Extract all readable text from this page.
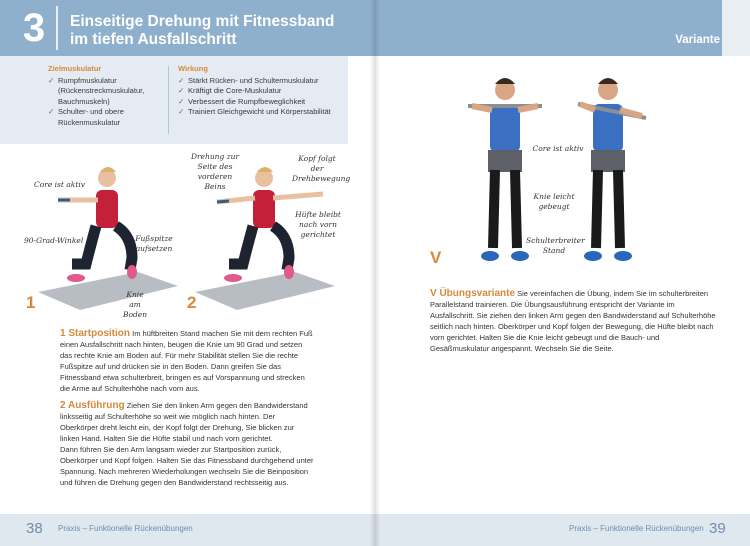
3	Einseitige Drehung mit Fitnessband
im tiefen Ausfallschritt
Zielmuskulatur
✓ Rumpfmuskulatur (Rückenstreckmuskulatur, Bauchmuskeln)
✓ Schulter- und obere Rückenmuskulatur
Wirkung
✓ Stärkt Rücken- und Schultermuskulatur
✓ Kräftigt die Core-Muskulatur
✓ Verbessert die Rumpfbeweglichkeit
✓ Trainiert Gleichgewicht und Körperstabilität
1
Core ist aktiv
90-Grad-Winkel	Fußspitze aufsetzen
Knie am Boden
2
Drehung zur Seite des vorderen Beins
Kopf folgt der Drehbewegung
Hüfte bleibt nach vorn gerichtet

1 Startposition Im hüftbreiten Stand machen Sie mit dem rechten Fuß einen Ausfallschritt nach hinten, beugen die Knie um 90 Grad und setzen das rechte Knie am Boden auf. Für mehr Stabilität stellen Sie die rechte Fußspitze auf und drücken sie in den Boden. Dann greifen Sie das Fitnessband etwa schulterbreit, bringen es auf Vorspannung und strecken die Arme auf Schulterhöhe nach vorn aus.

2 Ausführung Ziehen Sie den linken Arm gegen den Bandwiderstand linksseitig auf Schulterhöhe so weit wie möglich nach hinten. Der Oberkörper dreht leicht ein, der Kopf folgt der Drehung, Sie blicken zur linken Hand. Halten Sie die Hüfte stabil und nach vorn gerichtet.

Dann führen Sie den Arm langsam wieder zur Startposition zurück, Oberkörper und Kopf folgen. Halten Sie das Fitnessband durchgehend unter Spannung. Nach mehreren Wiederholungen wechseln Sie die Beinposition und führen die Drehung gegen den Bandwiderstand rechtsseitig aus.

38 Praxis – Funktionelle Rückenübungen
Variante
V
Core ist aktiv
Knie leicht gebeugt
Schulterbreiter Stand

V Übungsvariante Sie vereinfachen die Übung, indem Sie im schulterbreiten Parallelstand trainieren. Die Übungsausführung entspricht der Variante im Ausfallschritt. Sie ziehen den linken Arm gegen den Bandwiderstand auf Schulterhöhe seitlich nach hinten. Oberkörper und Kopf folgen der Bewegung, die Hüfte bleibt nach vorn gerichtet. Halten Sie die Knie leicht gebeugt und die Bauch- und Gesäßmuskulatur angespannt. Wechseln Sie die Seite.

Praxis – Funktionelle Rückenübungen 39
